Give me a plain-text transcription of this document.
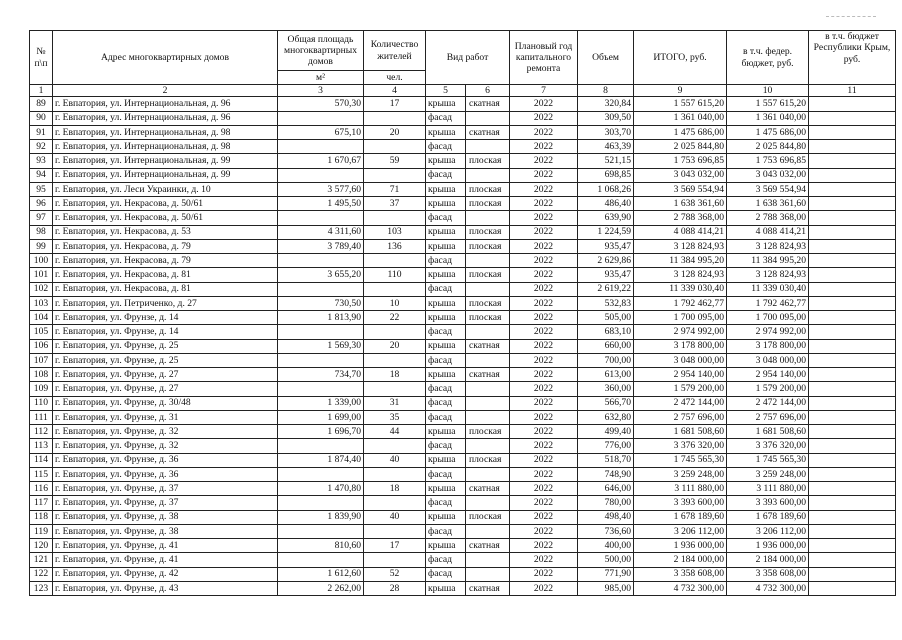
№ п\п	Адрес многоквартирных домов	Общая площадь многоквартирных домов	Количество жителей	Вид работ		Плановый год капитального ремонта	Объем	ИТОГО, руб.	в т.ч. федер. бюджет, руб.	в т.ч. бюджет Республики Крым, руб.
		м²	чел.							
1	2	3	4	5	6	7	8	9	10	11
89	г. Евпатория, ул. Интернациональная, д. 96	570,30	17	крыша	скатная	2022	320,84	1 557 615,20	1 557 615,20	
90	г. Евпатория, ул. Интернациональная, д. 96			фасад		2022	309,50	1 361 040,00	1 361 040,00	
91	г. Евпатория, ул. Интернациональная, д. 98	675,10	20	крыша	скатная	2022	303,70	1 475 686,00	1 475 686,00	
92	г. Евпатория, ул. Интернациональная, д. 98			фасад		2022	463,39	2 025 844,80	2 025 844,80	
93	г. Евпатория, ул. Интернациональная, д. 99	1 670,67	59	крыша	плоская	2022	521,15	1 753 696,85	1 753 696,85	
94	г. Евпатория, ул. Интернациональная, д. 99			фасад		2022	698,85	3 043 032,00	3 043 032,00	
95	г. Евпатория, ул. Леси Украинки, д. 10	3 577,60	71	крыша	плоская	2022	1 068,26	3 569 554,94	3 569 554,94	
96	г. Евпатория, ул. Некрасова, д. 50/61	1 495,50	37	крыша	плоская	2022	486,40	1 638 361,60	1 638 361,60	
97	г. Евпатория, ул. Некрасова, д. 50/61			фасад		2022	639,90	2 788 368,00	2 788 368,00	
98	г. Евпатория, ул. Некрасова, д. 53	4 311,60	103	крыша	плоская	2022	1 224,59	4 088 414,21	4 088 414,21	
99	г. Евпатория, ул. Некрасова, д. 79	3 789,40	136	крыша	плоская	2022	935,47	3 128 824,93	3 128 824,93	
100	г. Евпатория, ул. Некрасова, д. 79			фасад		2022	2 629,86	11 384 995,20	11 384 995,20	
101	г. Евпатория, ул. Некрасова, д. 81	3 655,20	110	крыша	плоская	2022	935,47	3 128 824,93	3 128 824,93	
102	г. Евпатория, ул. Некрасова, д. 81			фасад		2022	2 619,22	11 339 030,40	11 339 030,40	
103	г. Евпатория, ул. Петриченко, д. 27	730,50	10	крыша	плоская	2022	532,83	1 792 462,77	1 792 462,77	
104	г. Евпатория, ул. Фрунзе, д. 14	1 813,90	22	крыша	плоская	2022	505,00	1 700 095,00	1 700 095,00	
105	г. Евпатория, ул. Фрунзе, д. 14			фасад		2022	683,10	2 974 992,00	2 974 992,00	
106	г. Евпатория, ул. Фрунзе, д. 25	1 569,30	20	крыша	скатная	2022	660,00	3 178 800,00	3 178 800,00	
107	г. Евпатория, ул. Фрунзе, д. 25			фасад		2022	700,00	3 048 000,00	3 048 000,00	
108	г. Евпатория, ул. Фрунзе, д. 27	734,70	18	крыша	скатная	2022	613,00	2 954 140,00	2 954 140,00	
109	г. Евпатория, ул. Фрунзе, д. 27			фасад		2022	360,00	1 579 200,00	1 579 200,00	
110	г. Евпатория, ул. Фрунзе, д. 30/48	1 339,00	31	фасад		2022	566,70	2 472 144,00	2 472 144,00	
111	г. Евпатория, ул. Фрунзе, д. 31	1 699,00	35	фасад		2022	632,80	2 757 696,00	2 757 696,00	
112	г. Евпатория, ул. Фрунзе, д. 32	1 696,70	44	крыша	плоская	2022	499,40	1 681 508,60	1 681 508,60	
113	г. Евпатория, ул. Фрунзе, д. 32			фасад		2022	776,00	3 376 320,00	3 376 320,00	
114	г. Евпатория, ул. Фрунзе, д. 36	1 874,40	40	крыша	плоская	2022	518,70	1 745 565,30	1 745 565,30	
115	г. Евпатория, ул. Фрунзе, д. 36			фасад		2022	748,90	3 259 248,00	3 259 248,00	
116	г. Евпатория, ул. Фрунзе, д. 37	1 470,80	18	крыша	скатная	2022	646,00	3 111 880,00	3 111 880,00	
117	г. Евпатория, ул. Фрунзе, д. 37			фасад		2022	780,00	3 393 600,00	3 393 600,00	
118	г. Евпатория, ул. Фрунзе, д. 38	1 839,90	40	крыша	плоская	2022	498,40	1 678 189,60	1 678 189,60	
119	г. Евпатория, ул. Фрунзе, д. 38			фасад		2022	736,60	3 206 112,00	3 206 112,00	
120	г. Евпатория, ул. Фрунзе, д. 41	810,60	17	крыша	скатная	2022	400,00	1 936 000,00	1 936 000,00	
121	г. Евпатория, ул. Фрунзе, д. 41			фасад		2022	500,00	2 184 000,00	2 184 000,00	
122	г. Евпатория, ул. Фрунзе, д. 42	1 612,60	52	фасад		2022	771,90	3 358 608,00	3 358 608,00	
123	г. Евпатория, ул. Фрунзе, д. 43	2 262,00	28	крыша	скатная	2022	985,00	4 732 300,00	4 732 300,00	
